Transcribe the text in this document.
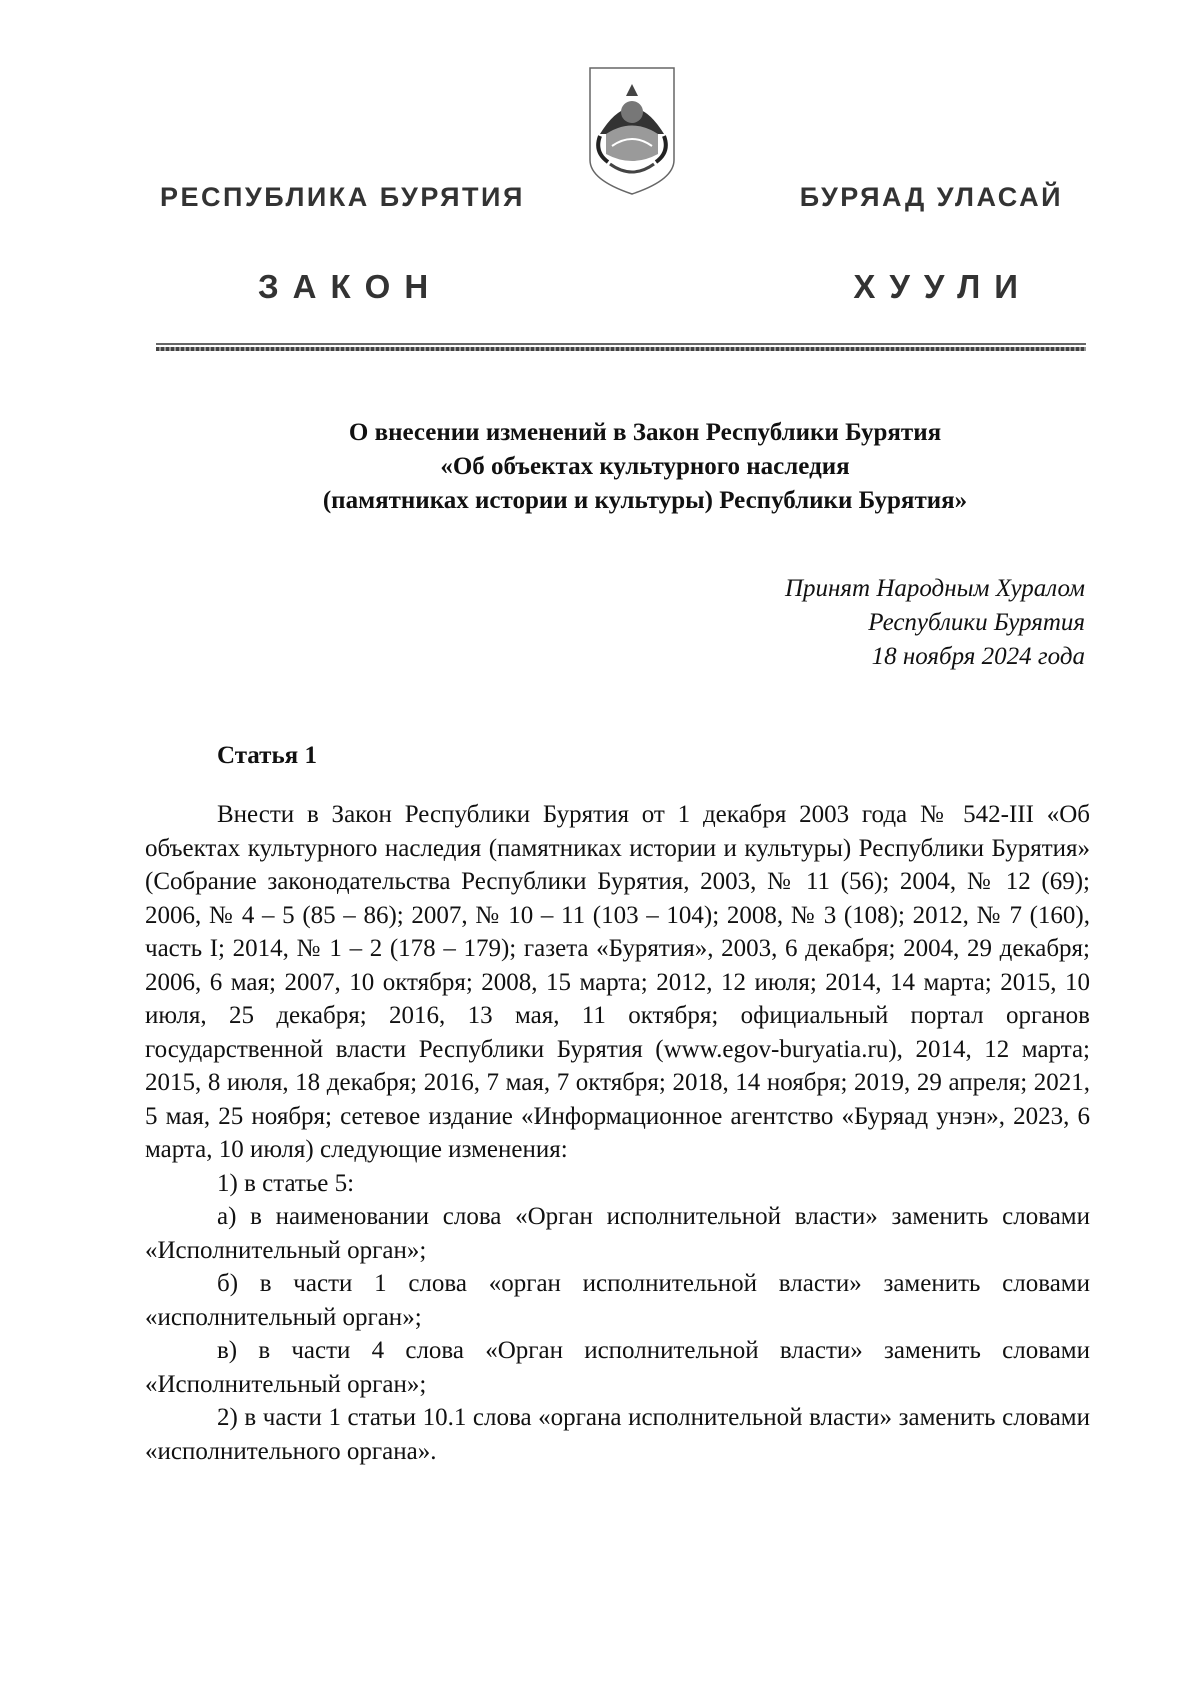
РЕСПУБЛИКА БУРЯТИЯ	БУРЯАД УЛАСАЙ
ЗАКОН	ХУУЛИ
О внесении изменений в Закон Республики Бурятия
«Об объектах культурного наследия
(памятниках истории и культуры) Республики Бурятия»
Принят Народным Хуралом
Республики Бурятия
18 ноября 2024 года
Статья 1

Внести в Закон Республики Бурятия от 1 декабря 2003 года № 542-III «Об объектах культурного наследия (памятниках истории и культуры) Республики Бурятия» (Собрание законодательства Республики Бурятия, 2003, № 11 (56); 2004, № 12 (69); 2006, № 4 – 5 (85 – 86); 2007, № 10 – 11 (103 – 104); 2008, № 3 (108); 2012, № 7 (160), часть I; 2014, № 1 – 2 (178 – 179); газета «Бурятия», 2003, 6 декабря; 2004, 29 декабря; 2006, 6 мая; 2007, 10 октября; 2008, 15 марта; 2012, 12 июля; 2014, 14 марта; 2015, 10 июля, 25 декабря; 2016, 13 мая, 11 октября; официальный портал органов государственной власти Республики Бурятия (www.egov-buryatia.ru), 2014, 12 марта; 2015, 8 июля, 18 декабря; 2016, 7 мая, 7 октября; 2018, 14 ноября; 2019, 29 апреля; 2021, 5 мая, 25 ноября; сетевое издание «Информационное агентство «Буряад унэн», 2023, 6 марта, 10 июля) следующие изменения:

1) в статье 5:

а) в наименовании слова «Орган исполнительной власти» заменить словами «Исполнительный орган»;

б) в части 1 слова «орган исполнительной власти» заменить словами «исполнительный орган»;

в) в части 4 слова «Орган исполнительной власти» заменить словами «Исполнительный орган»;

2) в части 1 статьи 10.1 слова «органа исполнительной власти» заменить словами «исполнительного органа».
